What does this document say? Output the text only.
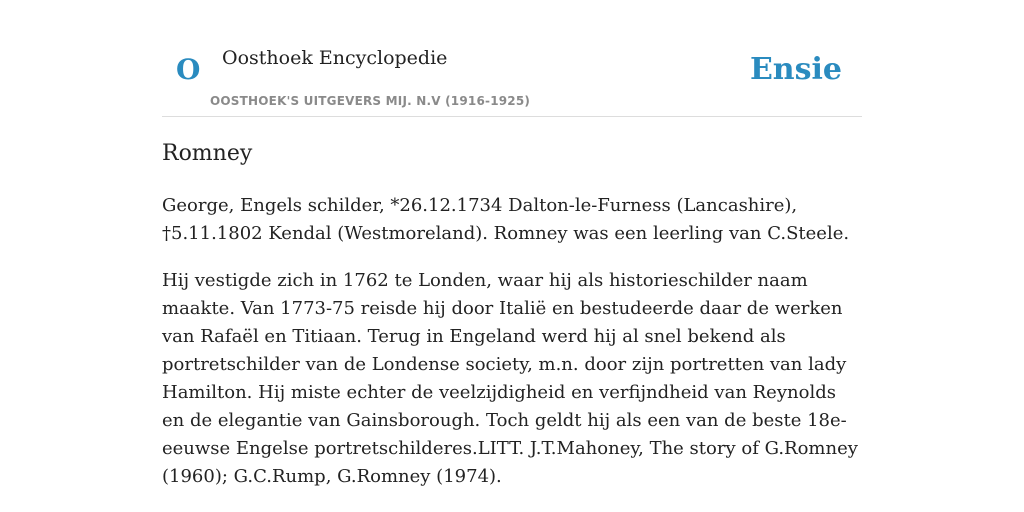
O Oosthoek Encyclopedie
OOSTHOEK'S UITGEVERS MIJ. N.V (1916-1925)
Ensie
Romney

George, Engels schilder, *26.12.1734 Dalton-le-Furness (Lancashire), †5.11.1802 Kendal (Westmoreland). Romney was een leerling van C.Steele.

Hij vestigde zich in 1762 te Londen, waar hij als historieschilder naam maakte. Van 1773-75 reisde hij door Italië en bestudeerde daar de werken van Rafaël en Titiaan. Terug in Engeland werd hij al snel bekend als portretschilder van de Londense society, m.n. door zijn portretten van lady Hamilton. Hij miste echter de veelzijdigheid en verfijndheid van Reynolds en de elegantie van Gainsborough. Toch geldt hij als een van de beste 18e-eeuwse Engelse portretschilderes.LITT. J.T.Mahoney, The story of G.Romney (1960); G.C.Rump, G.Romney (1974).
